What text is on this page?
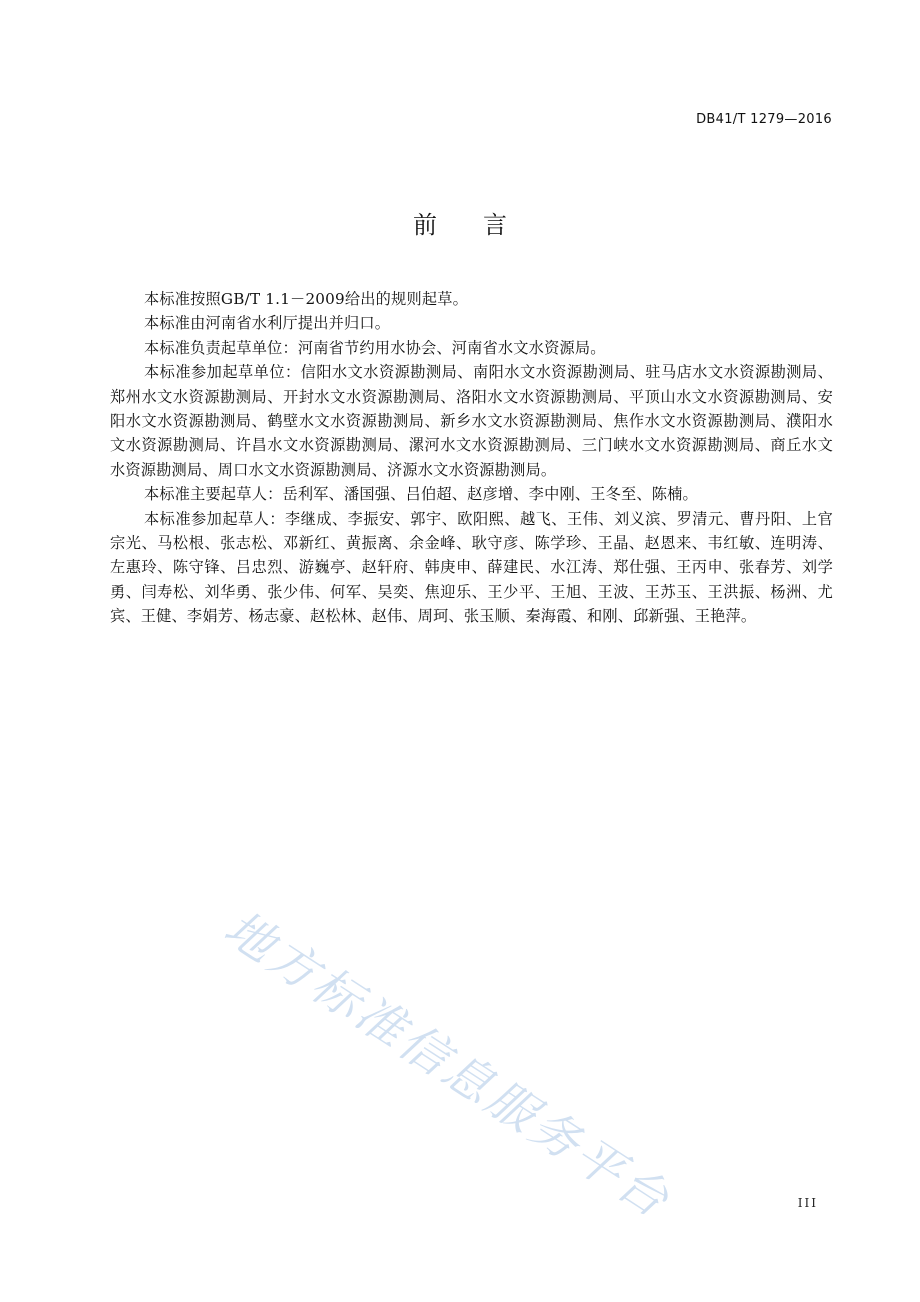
DB41/T 1279—2016
前 言

本标准按照GB/T 1.1－2009给出的规则起草。

本标准由河南省水利厅提出并归口。

本标准负责起草单位：河南省节约用水协会、河南省水文水资源局。

本标准参加起草单位：信阳水文水资源勘测局、南阳水文水资源勘测局、驻马店水文水资源勘测局、郑州水文水资源勘测局、开封水文水资源勘测局、洛阳水文水资源勘测局、平顶山水文水资源勘测局、安阳水文水资源勘测局、鹤壁水文水资源勘测局、新乡水文水资源勘测局、焦作水文水资源勘测局、濮阳水文水资源勘测局、许昌水文水资源勘测局、漯河水文水资源勘测局、三门峡水文水资源勘测局、商丘水文水资源勘测局、周口水文水资源勘测局、济源水文水资源勘测局。

本标准主要起草人：岳利军、潘国强、吕伯超、赵彦增、李中刚、王冬至、陈楠。

本标准参加起草人：李继成、李振安、郭宇、欧阳熙、越飞、王伟、刘义滨、罗清元、曹丹阳、上官宗光、马松根、张志松、邓新红、黄振离、余金峰、耿守彦、陈学珍、王晶、赵恩来、韦红敏、连明涛、左惠玲、陈守锋、吕忠烈、游巍亭、赵轩府、韩庚申、薛建民、水江涛、郑仕强、王丙申、张春芳、刘学勇、闫寿松、刘华勇、张少伟、何军、吴奕、焦迎乐、王少平、王旭、王波、王苏玉、王洪振、杨洲、尤宾、王健、李娟芳、杨志豪、赵松林、赵伟、周珂、张玉顺、秦海霞、和刚、邱新强、王艳萍。

地方标准信息服务平台	III
